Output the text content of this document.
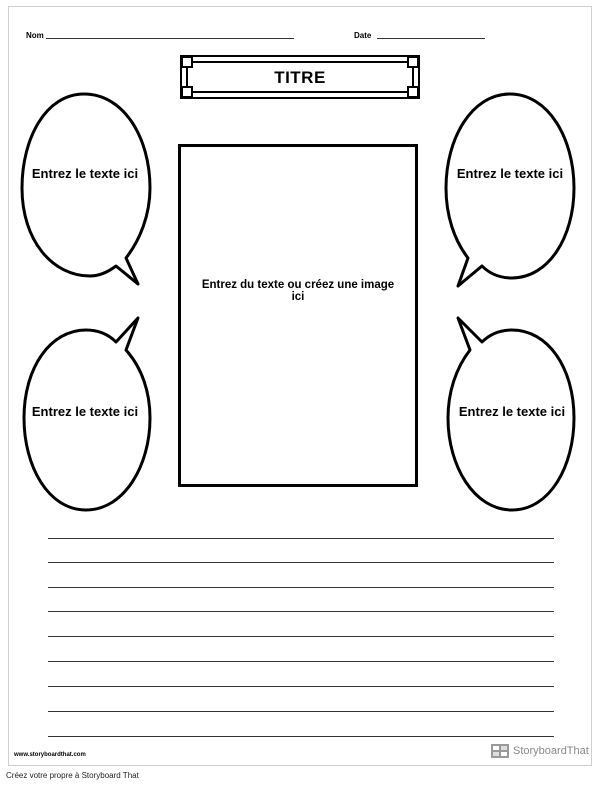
Nom	Date
TITRE
Entrez le texte ici	Entrez le texte ici
Entrez le texte ici	Entrez le texte ici
Entrez du texte ou créez une image ici
www.storyboardthat.com	StoryboardThat
Créez votre propre à Storyboard That
